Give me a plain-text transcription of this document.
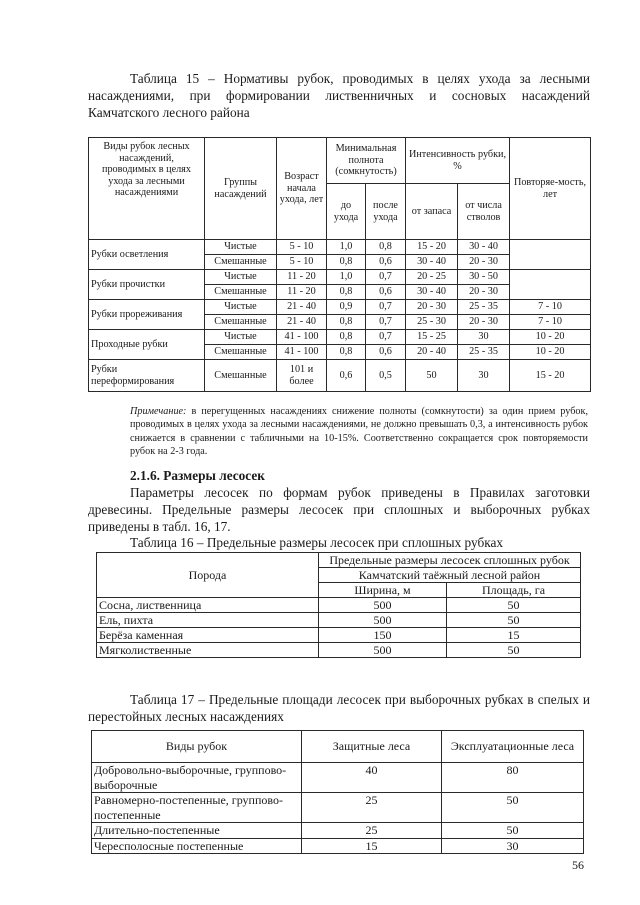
Таблица 15 – Нормативы рубок, проводимых в целях ухода за лесными насаждениями, при формировании лиственничных и сосновых насаждений Камчатского лесного района

Виды рубок лесных насаждений, проводимых в целях ухода за лесными насаждениями	Группы насаждений	Возраст начала ухода, лет	Минимальная полнота (сомкнутость)		Интенсивность рубки, %		Повторяе-мость, лет
			до ухода	после ухода	от запаса	от числа стволов	
Рубки осветления	Чистые	5 - 10	1,0	0,8	15 - 20	30 - 40	
	Смешанные	5 - 10	0,8	0,6	30 - 40	20 - 30	
Рубки прочистки	Чистые	11 - 20	1,0	0,7	20 - 25	30 - 50	
	Смешанные	11 - 20	0,8	0,6	30 - 40	20 - 30	
Рубки прореживания	Чистые	21 - 40	0,9	0,7	20 - 30	25 - 35	7 - 10
	Смешанные	21 - 40	0,8	0,7	25 - 30	20 - 30	7 - 10
Проходные рубки	Чистые	41 - 100	0,8	0,7	15 - 25	30	10 - 20
	Смешанные	41 - 100	0,8	0,6	20 - 40	25 - 35	10 - 20
Рубки переформирования	Смешанные	101 и более	0,6	0,5	50	30	15 - 20

Примечание: в перегущенных насаждениях снижение полноты (сомкнутости) за один прием рубок, проводимых в целях ухода за лесными насаждениями, не должно превышать 0,3, а интенсивность рубок снижается в сравнении с табличными на 10-15%. Соответственно сокращается срок повторяемости рубок на 2-3 года.

2.1.6. Размеры лесосек

Параметры лесосек по формам рубок приведены в Правилах заготовки древесины. Предельные размеры лесосек при сплошных и выборочных рубках приведены в табл. 16, 17.

Таблица 16 – Предельные размеры лесосек при сплошных рубках

Порода	Предельные размеры лесосек сплошных рубок	
	Камчатский таёжный лесной район	
	Ширина, м	Площадь, га
Сосна, лиственница	500	50
Ель, пихта	500	50
Берёза каменная	150	15
Мягколиственные	500	50

Таблица 17 – Предельные площади лесосек при выборочных рубках в спелых и перестойных лесных насаждениях

Виды рубок	Защитные леса	Эксплуатационные леса
Добровольно-выборочные, группово-выборочные	40	80
Равномерно-постепенные, группово-постепенные	25	50
Длительно-постепенные	25	50
Чересполосные постепенные	15	30

56
